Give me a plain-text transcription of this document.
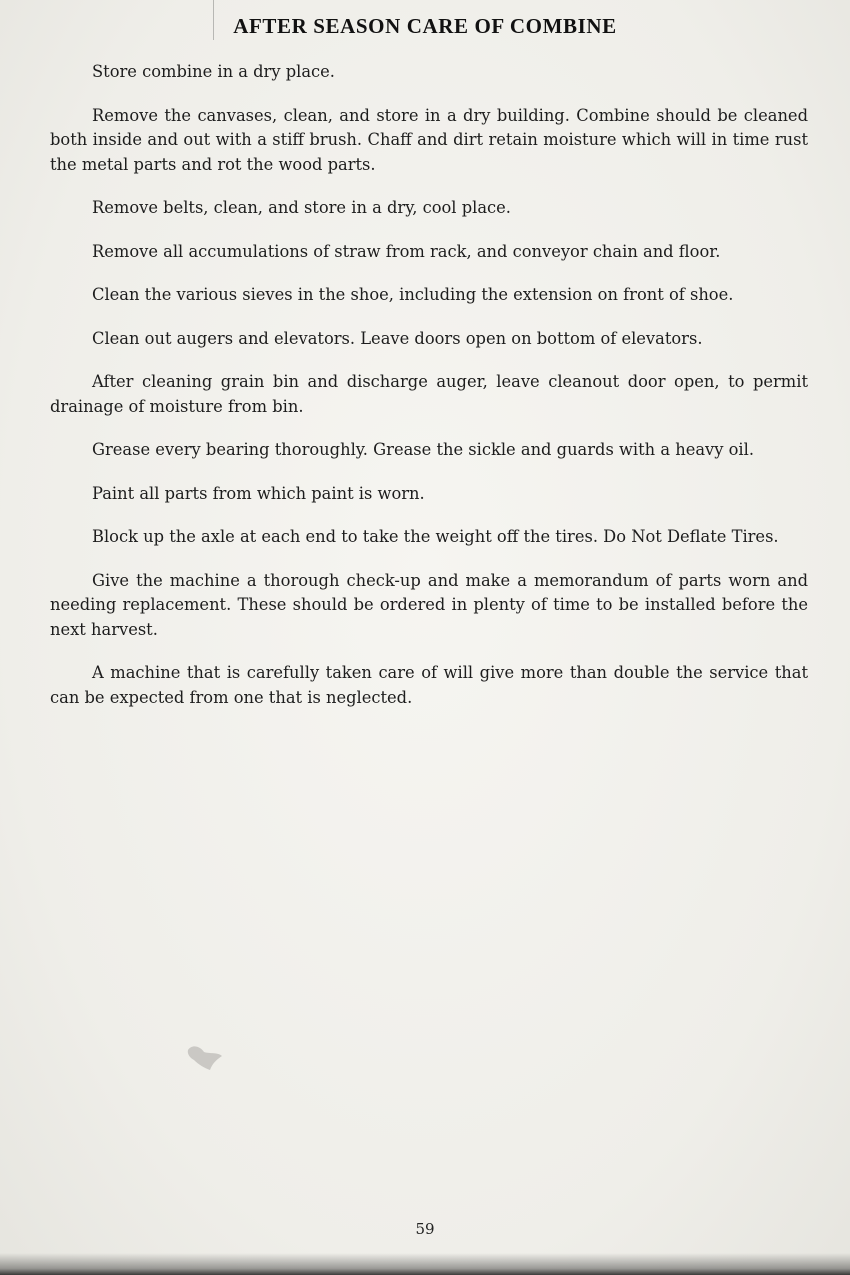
AFTER SEASON CARE OF COMBINE

Store combine in a dry place.

Remove the canvases, clean, and store in a dry building. Combine should be cleaned both inside and out with a stiff brush. Chaff and dirt retain moisture which will in time rust the metal parts and rot the wood parts.

Remove belts, clean, and store in a dry, cool place.

Remove all accumulations of straw from rack, and conveyor chain and floor.

Clean the various sieves in the shoe, including the extension on front of shoe.

Clean out augers and elevators. Leave doors open on bottom of elevators.

After cleaning grain bin and discharge auger, leave cleanout door open, to permit drainage of moisture from bin.

Grease every bearing thoroughly. Grease the sickle and guards with a heavy oil.

Paint all parts from which paint is worn.

Block up the axle at each end to take the weight off the tires. Do Not Deflate Tires.

Give the machine a thorough check-up and make a memorandum of parts worn and needing replacement. These should be ordered in plenty of time to be installed before the next harvest.

A machine that is carefully taken care of will give more than double the service that can be expected from one that is neglected.

59
